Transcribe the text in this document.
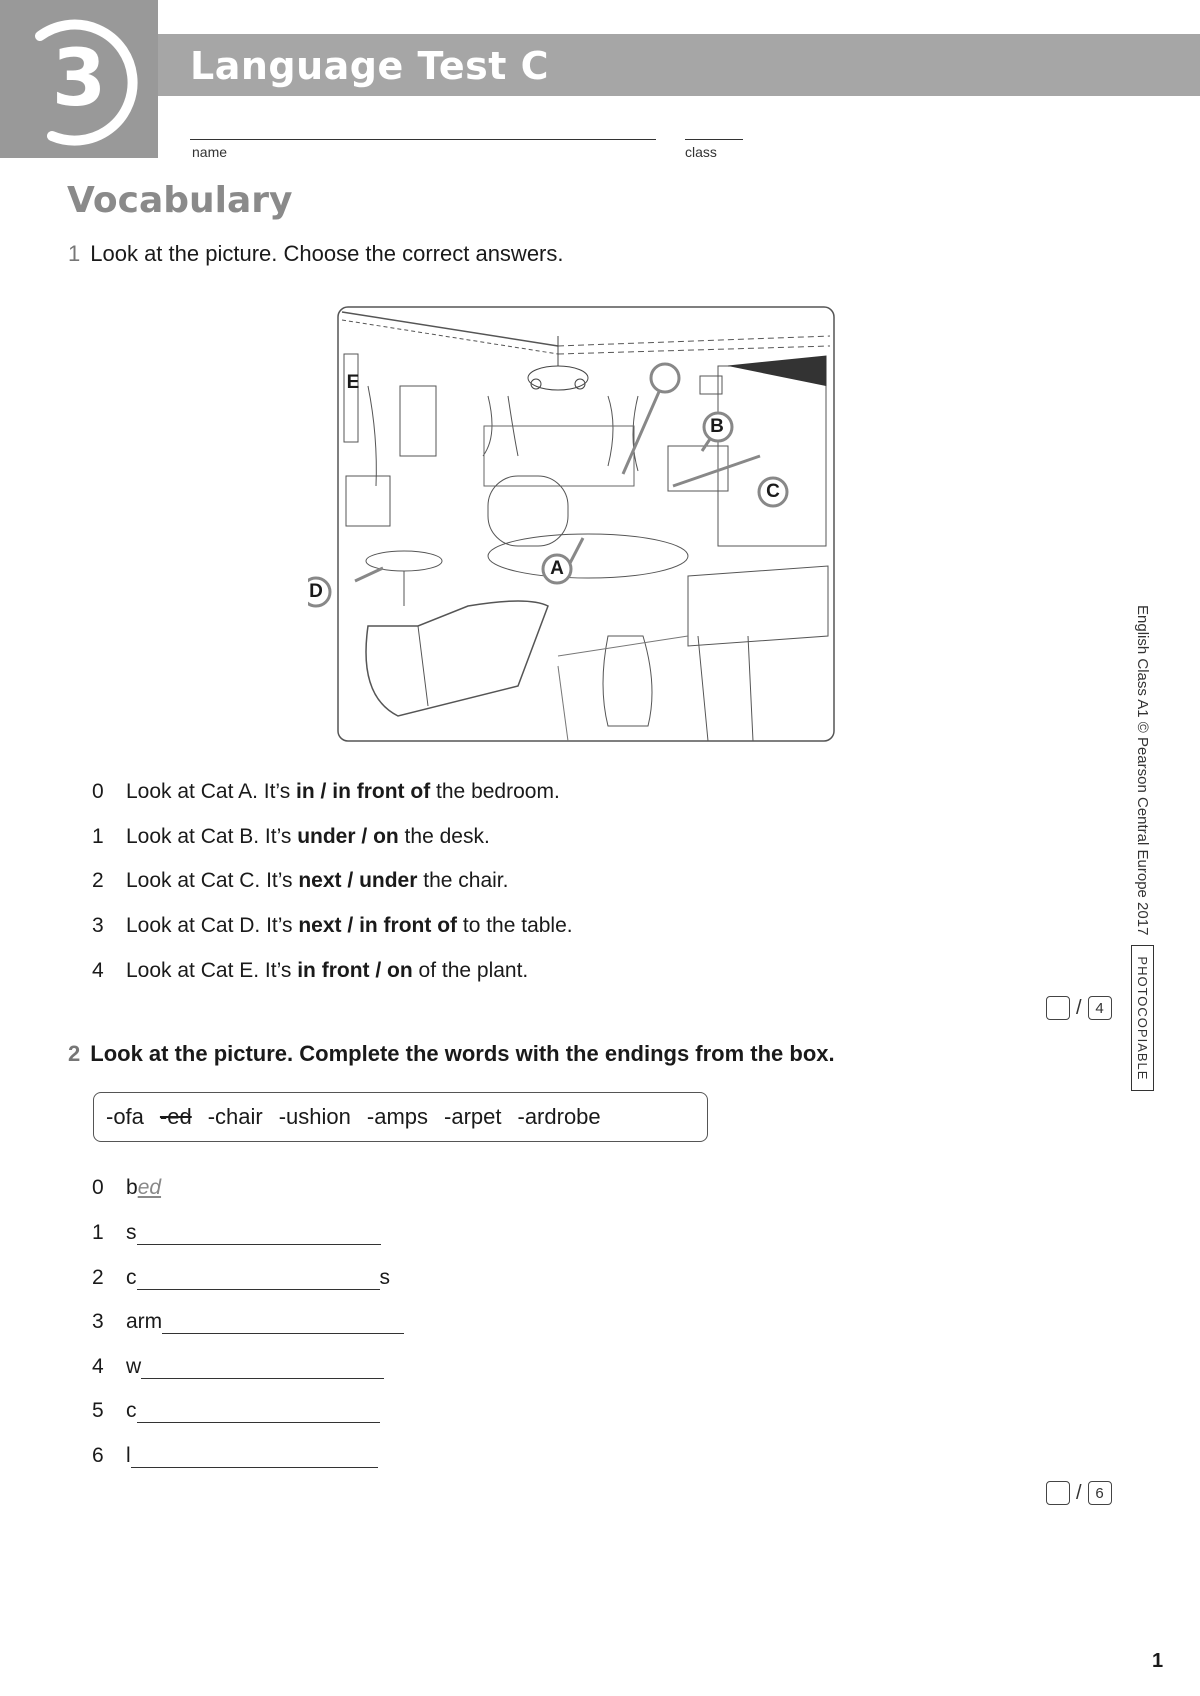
3	Language Test C
name	class
Vocabulary
1 Look at the picture. Choose the correct answers.
E
B
C
D
A
0 Look at Cat A. It’s in / in front of the bedroom.
1 Look at Cat B. It’s under / on the desk.
2 Look at Cat C. It’s next / under the chair.
3 Look at Cat D. It’s next / in front of to the table.
4 Look at Cat E. It’s in front / on of the plant.
/ 4
2 Look at the picture. Complete the words with the endings from the box.
-ofa -ed -chair -ushion -amps -arpet -ardrobe
0	b ed
1	s
2	c	s
3	arm
4	w
5	c
6	l
/ 6
English Class A1 © Pearson Central Europe 2017
PHOTOCOPIABLE
1
